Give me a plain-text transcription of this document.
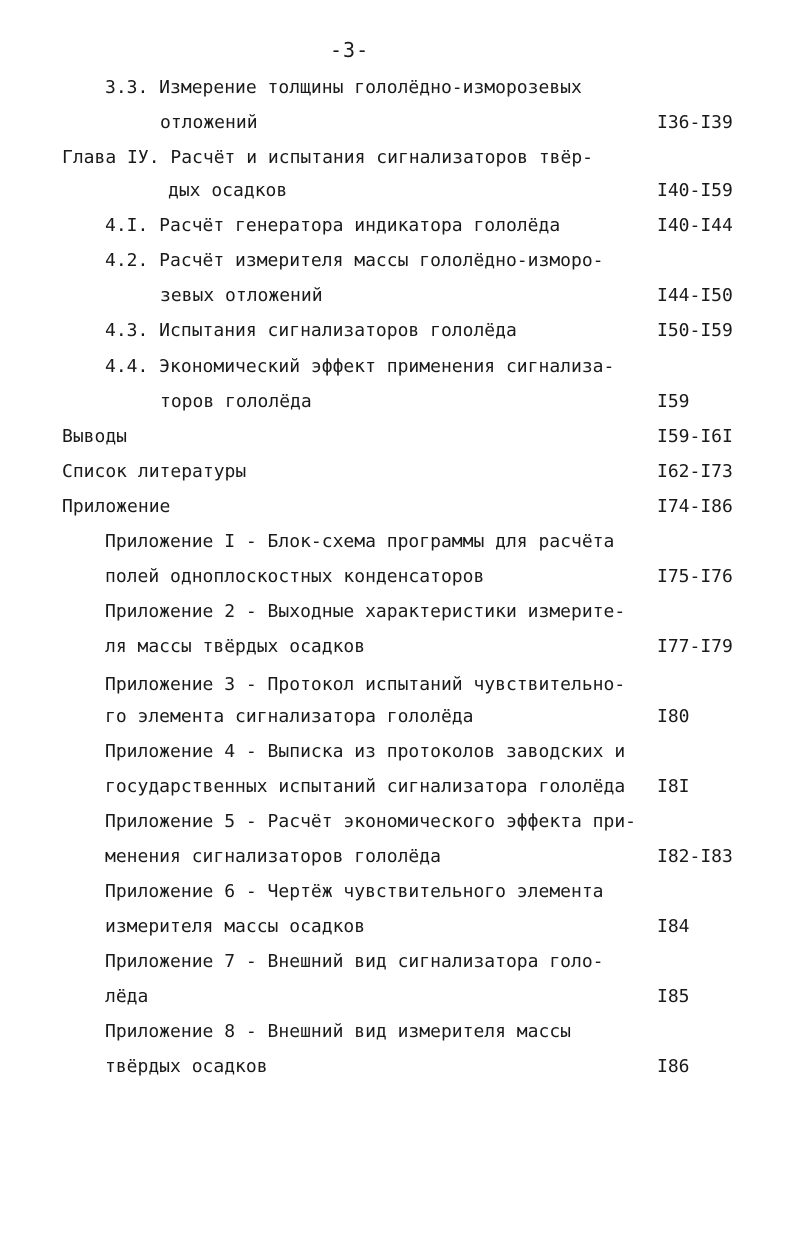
-3-
3.3. Измерение толщины гололёдно-изморозевых
отложений	I36-I39
Глава IУ. Расчёт и испытания сигнализаторов твёр-
дых осадков	I40-I59
4.I. Расчёт генератора индикатора гололёда	I40-I44
4.2. Расчёт измерителя массы гололёдно-изморо-
зевых отложений	I44-I50
4.3. Испытания сигнализаторов гололёда	I50-I59
4.4. Экономический эффект применения сигнализа-
торов гололёда	I59
Выводы	I59-I6I
Список литературы	I62-I73
Приложение	I74-I86
Приложение I - Блок-схема программы для расчёта
полей одноплоскостных конденсаторов	I75-I76
Приложение 2 - Выходные характеристики измерите-
ля массы твёрдых осадков	I77-I79
Приложение 3 - Протокол испытаний чувствительно-
го элемента сигнализатора гололёда	I80
Приложение 4 - Выписка из протоколов заводских и
государственных испытаний сигнализатора гололёда I8I
Приложение 5 - Расчёт экономического эффекта при-
менения сигнализаторов гололёда	I82-I83
Приложение 6 - Чертёж чувствительного элемента
измерителя массы осадков	I84
Приложение 7 - Внешний вид сигнализатора голо-
лёда	I85
Приложение 8 - Внешний вид измерителя массы
твёрдых осадков	I86
